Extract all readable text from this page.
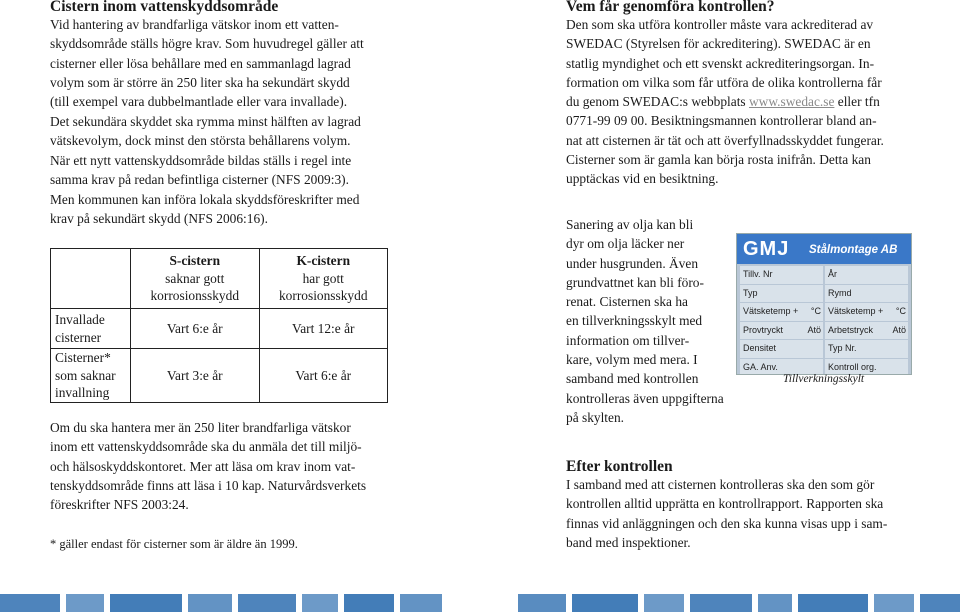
Cistern inom vattenskyddsområde

Vid hantering av brandfarliga vätskor inom ett vatten-
skyddsområde ställs högre krav. Som huvudregel gäller att
cisterner eller lösa behållare med en sammanlagd lagrad
volym som är större än 250 liter ska ha sekundärt skydd
(till exempel vara dubbelmantlade eller vara invallade).

Det sekundära skyddet ska rymma minst hälften av lagrad
vätskevolym, dock minst den största behållarens volym.

När ett nytt vattenskyddsområde bildas ställs i regel inte
samma krav på redan befintliga cisterner (NFS 2009:3).
Men kommunen kan införa lokala skyddsföreskrifter med
krav på sekundärt skydd (NFS 2006:16).

	S-cistern
saknar gott
korrosionsskydd	K-cistern
har gott
korrosionsskydd

Invallade
cisterner	Vart 6:e år	Vart 12:e år

Cisterner*
som saknar
invallning	Vart 3:e år	Vart 6:e år

Om du ska hantera mer än 250 liter brandfarliga vätskor
inom ett vattenskyddsområde ska du anmäla det till miljö-
och hälsoskyddskontoret. Mer att läsa om krav inom vat-
tenskyddsområde finns att läsa i 10 kap. Naturvårdsverkets
föreskrifter NFS 2003:24.

* gäller endast för cisterner som är äldre än 1999.

Vem får genomföra kontrollen?

Den som ska utföra kontroller måste vara ackrediterad av
SWEDAC (Styrelsen för ackreditering). SWEDAC är en
statlig myndighet och ett svenskt ackrediteringsorgan. In-
formation om vilka som får utföra de olika kontrollerna får
du genom SWEDAC:s webbplats www.swedac.se eller tfn
0771-99 09 00. Besiktningsmannen kontrollerar bland an-
nat att cisternen är tät och att överfyllnadsskyddet fungerar.
Cisterner som är gamla kan börja rosta inifrån. Detta kan
upptäckas vid en besiktning.

Sanering av olja kan bli
dyr om olja läcker ner
under husgrunden. Även
grundvattnet kan bli föro-
renat. Cisternen ska ha
en tillverkningsskylt med
information om tillver-
kare, volym med mera. I
samband med kontrollen
kontrolleras även uppgifterna
på skylten.

Efter kontrollen

I samband med att cisternen kontrolleras ska den som gör
kontrollen alltid upprätta en kontrollrapport. Rapporten ska
finnas vid anläggningen och den ska kunna visas upp i sam-
band med inspektioner.

GMJ Stålmontage AB
Tillv. Nr	År
Typ	Rymd
Vätsketemp + °C Vätsketemp + °C
Provtryckt	Atö Arbetstryck Atö
Densitet	Typ Nr.
GA. Anv.	Kontroll org.
Tillverkningsskylt
